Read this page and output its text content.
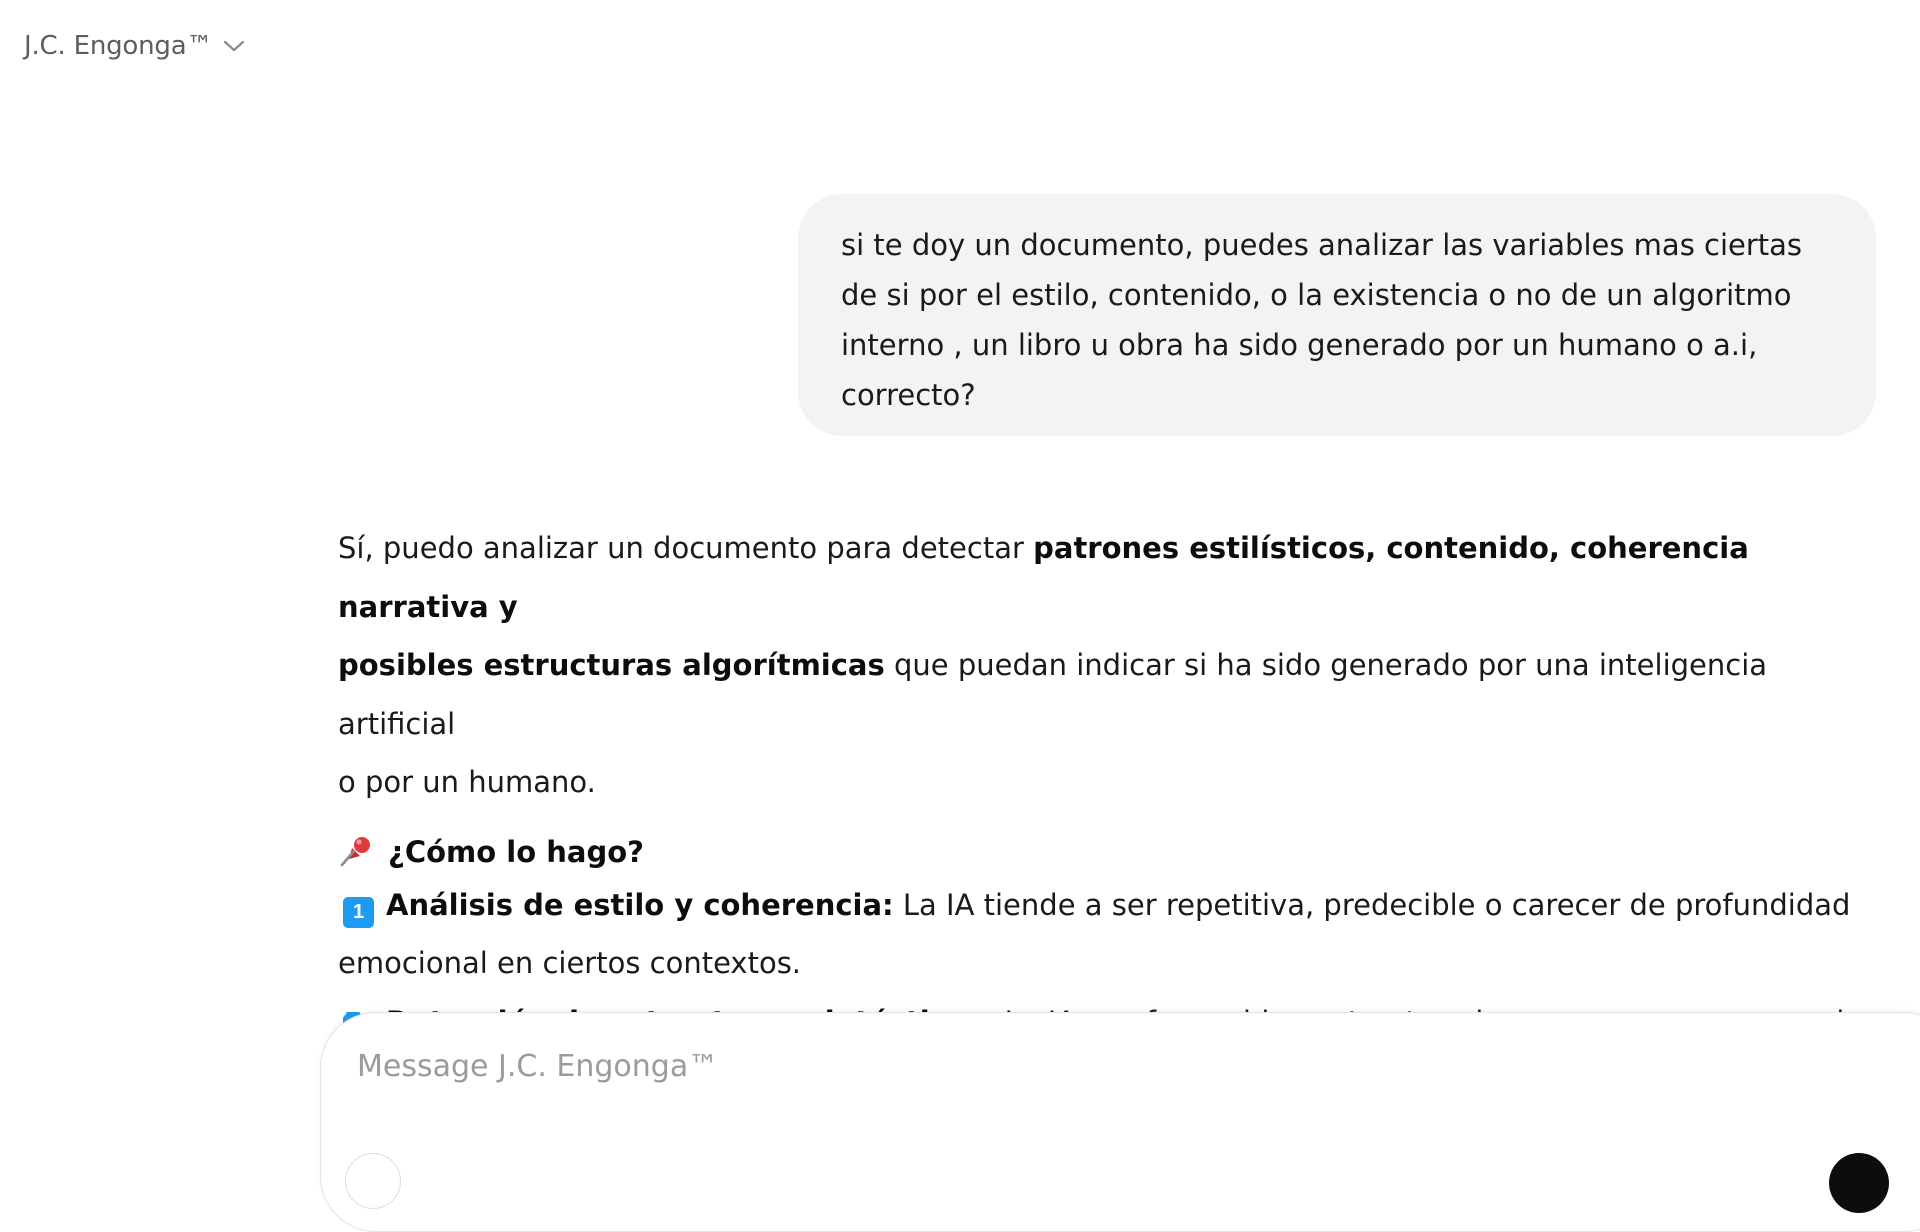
J.C. Engonga™
si te doy un documento, puedes analizar las variables mas ciertas
de si por el estilo, contenido, o la existencia o no de un algoritmo
interno , un libro u obra ha sido generado por un humano o a.i,
correcto?

Sí, puedo analizar un documento para detectar patrones estilísticos, contenido, coherencia narrativa y
posibles estructuras algorítmicas que puedan indicar si ha sido generado por una inteligencia artificial
o por un humano.

¿Cómo lo hago?
1 Análisis de estilo y coherencia: La IA tiende a ser repetitiva, predecible o carecer de profundidad
emocional en ciertos contextos.

Message J.C. Engonga™
